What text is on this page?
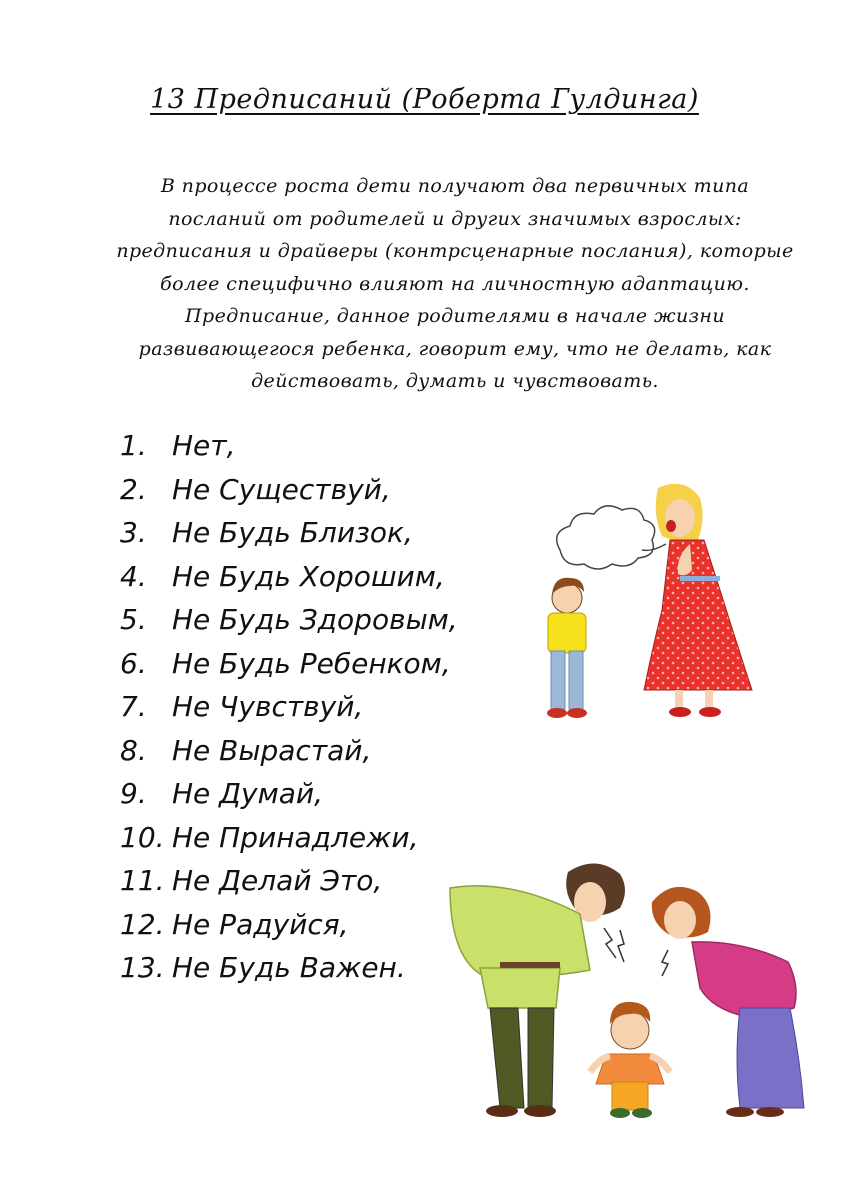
13 Предписаний (Роберта Гулдинга)

В процессе роста дети получают два первичных типа посланий от родителей и других значимых взрослых: предписания и драйверы (контрсценарные послания), которые более специфично влияют на личностную адаптацию. Предписание, данное родителями в начале жизни развивающегося ребенка, говорит ему, что не делать, как действовать, думать и чувствовать.

1. Нет,
2. Не Существуй,
3. Не Будь Близок,
4. Не Будь Хорошим,
5. Не Будь Здоровым,
6. Не Будь Ребенком,
7. Не Чувствуй,
8. Не Вырастай,
9. Не Думай,
10. Не Принадлежи,
11. Не Делай Это,
12. Не Радуйся,
13. Не Будь Важен.
